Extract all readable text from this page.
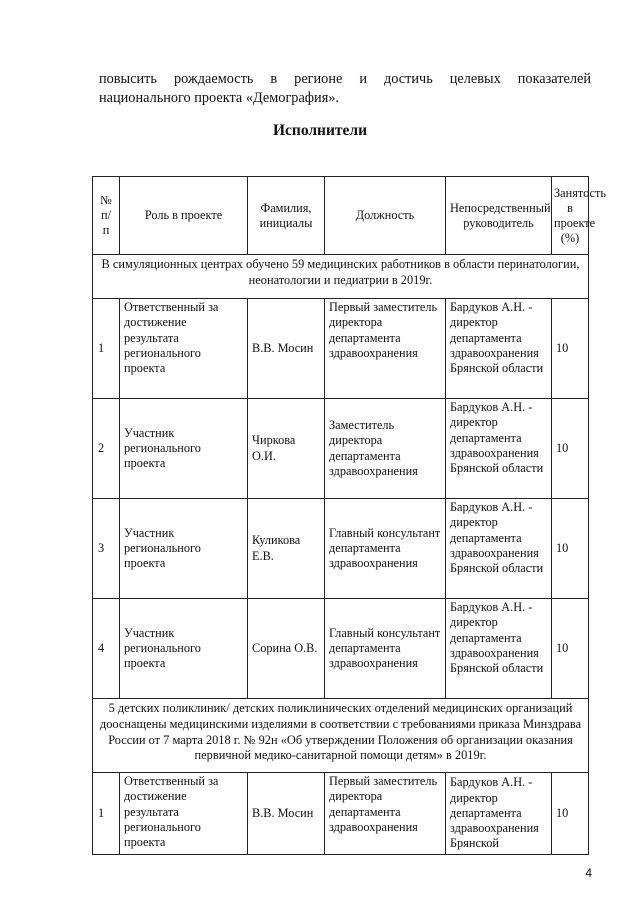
повысить рождаемость в регионе и достичь целевых показателей
национального проекта «Демография».
Исполнители
№ п/ п	Роль в проекте	Фамилия, инициалы	Должность	Непосредственный руководитель	Занятость в проекте (%)
В симуляционных центрах обучено 59 медицинских работников в области перинатологии, неонатологии и педиатрии в 2019г.					
1	Ответственный за достижение результата регионального проекта	В.В. Мосин	Первый заместитель директора департамента здравоохранения	Бардуков А.Н. - директор департамента здравоохранения Брянской области	10
2	Участник регионального проекта	Чиркова О.И.	Заместитель директора департамента здравоохранения	Бардуков А.Н. - директор департамента здравоохранения Брянской области	10
3	Участник регионального проекта	Куликова Е.В.	Главный консультант департамента здравоохранения	Бардуков А.Н. - директор департамента здравоохранения Брянской области	10
4	Участник регионального проекта	Сорина О.В.	Главный консультант департамента здравоохранения	Бардуков А.Н. - директор департамента здравоохранения Брянской области	10
5 детских поликлиник/ детских поликлинических отделений медицинских организаций дооснащены медицинскими изделиями в соответствии с требованиями приказа Минздрава России от 7 марта 2018 г. № 92н «Об утверждении Положения об организации оказания первичной медико-санитарной помощи детям» в 2019г.					
1	Ответственный за достижение результата регионального проекта	В.В. Мосин	Первый заместитель директора департамента здравоохранения	Бардуков А.Н. - директор департамента здравоохранения Брянской	10
4
